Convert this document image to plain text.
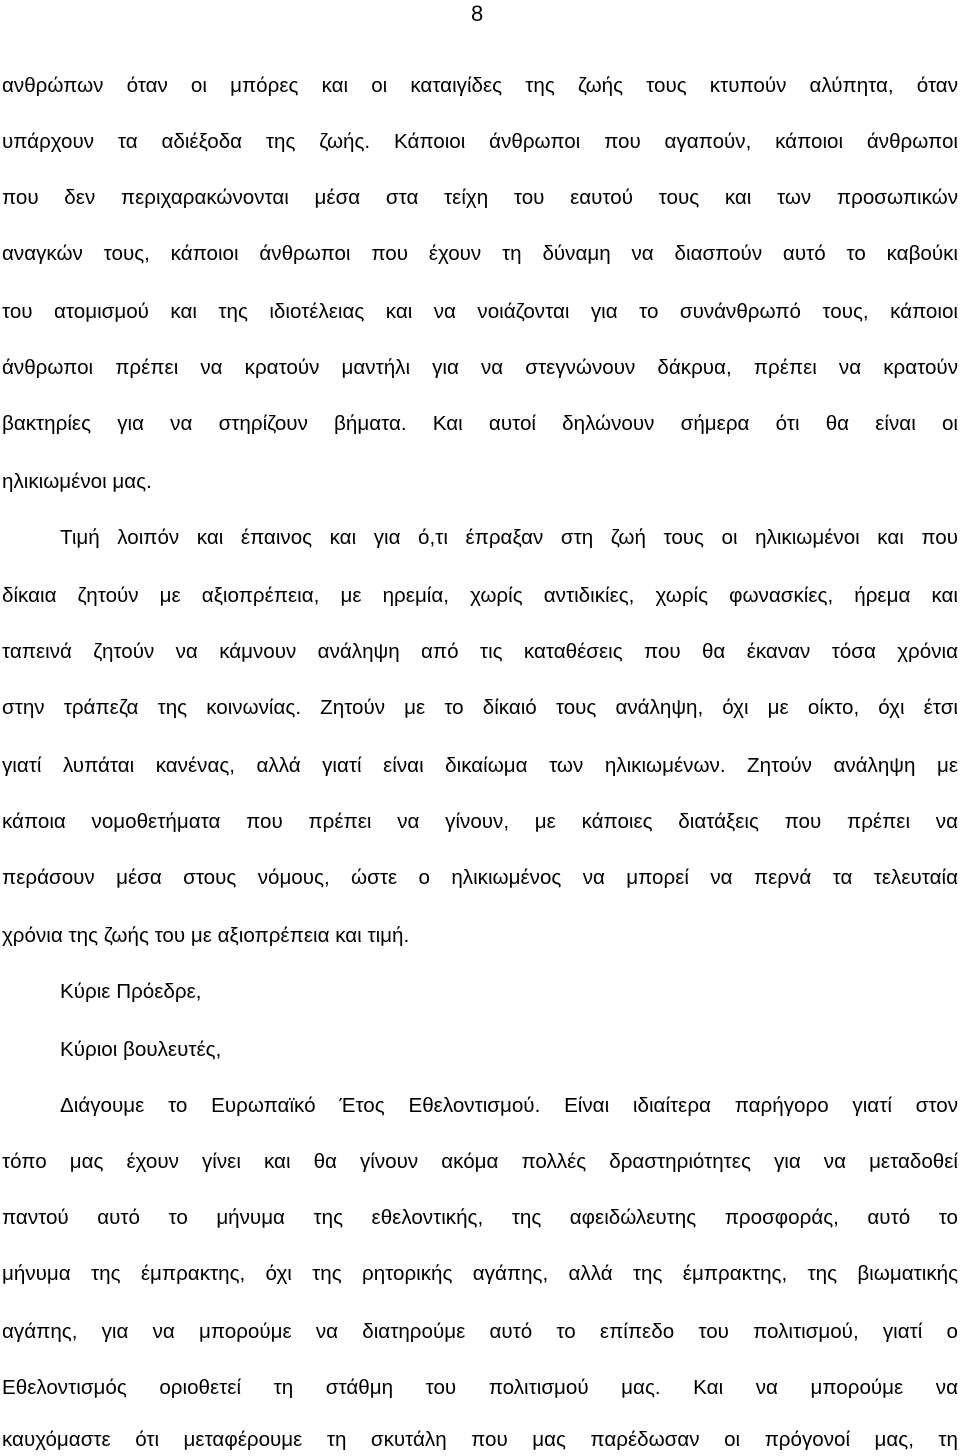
8
ανθρώπων όταν οι μπόρες και οι καταιγίδες της ζωής τους κτυπούν αλύπητα, όταν
υπάρχουν τα αδιέξοδα της ζωής. Κάποιοι άνθρωποι που αγαπούν, κάποιοι άνθρωποι
που δεν περιχαρακώνονται μέσα στα τείχη του εαυτού τους και των προσωπικών
αναγκών τους, κάποιοι άνθρωποι που έχουν τη δύναμη να διασπούν αυτό το καβούκι
του ατομισμού και της ιδιοτέλειας και να νοιάζονται για το συνάνθρωπό τους, κάποιοι
άνθρωποι πρέπει να κρατούν μαντήλι για να στεγνώνουν δάκρυα, πρέπει να κρατούν
βακτηρίες για να στηρίζουν βήματα. Και αυτοί δηλώνουν σήμερα ότι θα είναι οι
ηλικιωμένοι μας.
Τιμή λοιπόν και έπαινος και για ό,τι έπραξαν στη ζωή τους οι ηλικιωμένοι και που
δίκαια ζητούν με αξιοπρέπεια, με ηρεμία, χωρίς αντιδικίες, χωρίς φωνασκίες, ήρεμα και
ταπεινά ζητούν να κάμνουν ανάληψη από τις καταθέσεις που θα έκαναν τόσα χρόνια
στην τράπεζα της κοινωνίας. Ζητούν με το δίκαιό τους ανάληψη, όχι με οίκτο, όχι έτσι
γιατί λυπάται κανένας, αλλά γιατί είναι δικαίωμα των ηλικιωμένων. Ζητούν ανάληψη με
κάποια νομοθετήματα που πρέπει να γίνουν, με κάποιες διατάξεις που πρέπει να
περάσουν μέσα στους νόμους, ώστε ο ηλικιωμένος να μπορεί να περνά τα τελευταία
χρόνια της ζωής του με αξιοπρέπεια και τιμή.
Κύριε Πρόεδρε,
Κύριοι βουλευτές,
Διάγουμε το Ευρωπαϊκό Έτος Εθελοντισμού. Είναι ιδιαίτερα παρήγορο γιατί στον
τόπο μας έχουν γίνει και θα γίνουν ακόμα πολλές δραστηριότητες για να μεταδοθεί
παντού αυτό το μήνυμα της εθελοντικής, της αφειδώλευτης προσφοράς, αυτό το
μήνυμα της έμπρακτης, όχι της ρητορικής αγάπης, αλλά της έμπρακτης, της βιωματικής
αγάπης, για να μπορούμε να διατηρούμε αυτό το επίπεδο του πολιτισμού, γιατί ο
Εθελοντισμός οριοθετεί τη στάθμη του πολιτισμού μας. Και να μπορούμε να
καυχόμαστε ότι μεταφέρουμε τη σκυτάλη που μας παρέδωσαν οι πρόγονοί μας, τη
